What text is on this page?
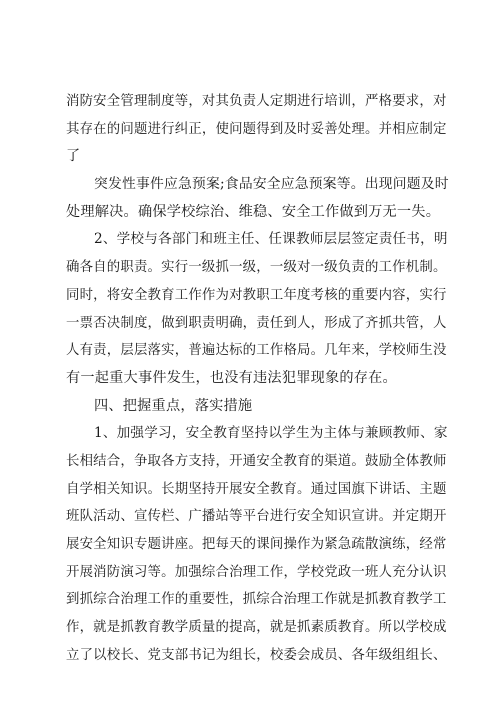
消防安全管理制度等，对其负责人定期进行培训，严格要求，对
其存在的问题进行纠正，使问题得到及时妥善处理。并相应制定
了
突发性事件应急预案;食品安全应急预案等。出现问题及时
处理解决。确保学校综治、维稳、安全工作做到万无一失。
2、学校与各部门和班主任、任课教师层层签定责任书，明
确各自的职责。实行一级抓一级，一级对一级负责的工作机制。
同时，将安全教育工作作为对教职工年度考核的重要内容，实行
一票否决制度，做到职责明确，责任到人，形成了齐抓共管，人
人有责，层层落实，普遍达标的工作格局。几年来，学校师生没
有一起重大事件发生，也没有违法犯罪现象的存在。
四、把握重点，落实措施
1、加强学习，安全教育坚持以学生为主体与兼顾教师、家
长相结合，争取各方支持，开通安全教育的渠道。鼓励全体教师
自学相关知识。长期坚持开展安全教育。通过国旗下讲话、主题
班队活动、宣传栏、广播站等平台进行安全知识宣讲。并定期开
展安全知识专题讲座。把每天的课间操作为紧急疏散演练，经常
开展消防演习等。加强综合治理工作，学校党政一班人充分认识
到抓综合治理工作的重要性，抓综合治理工作就是抓教育教学工
作，就是抓教育教学质量的提高，就是抓素质教育。所以学校成
立了以校长、党支部书记为组长，校委会成员、各年级组组长、
